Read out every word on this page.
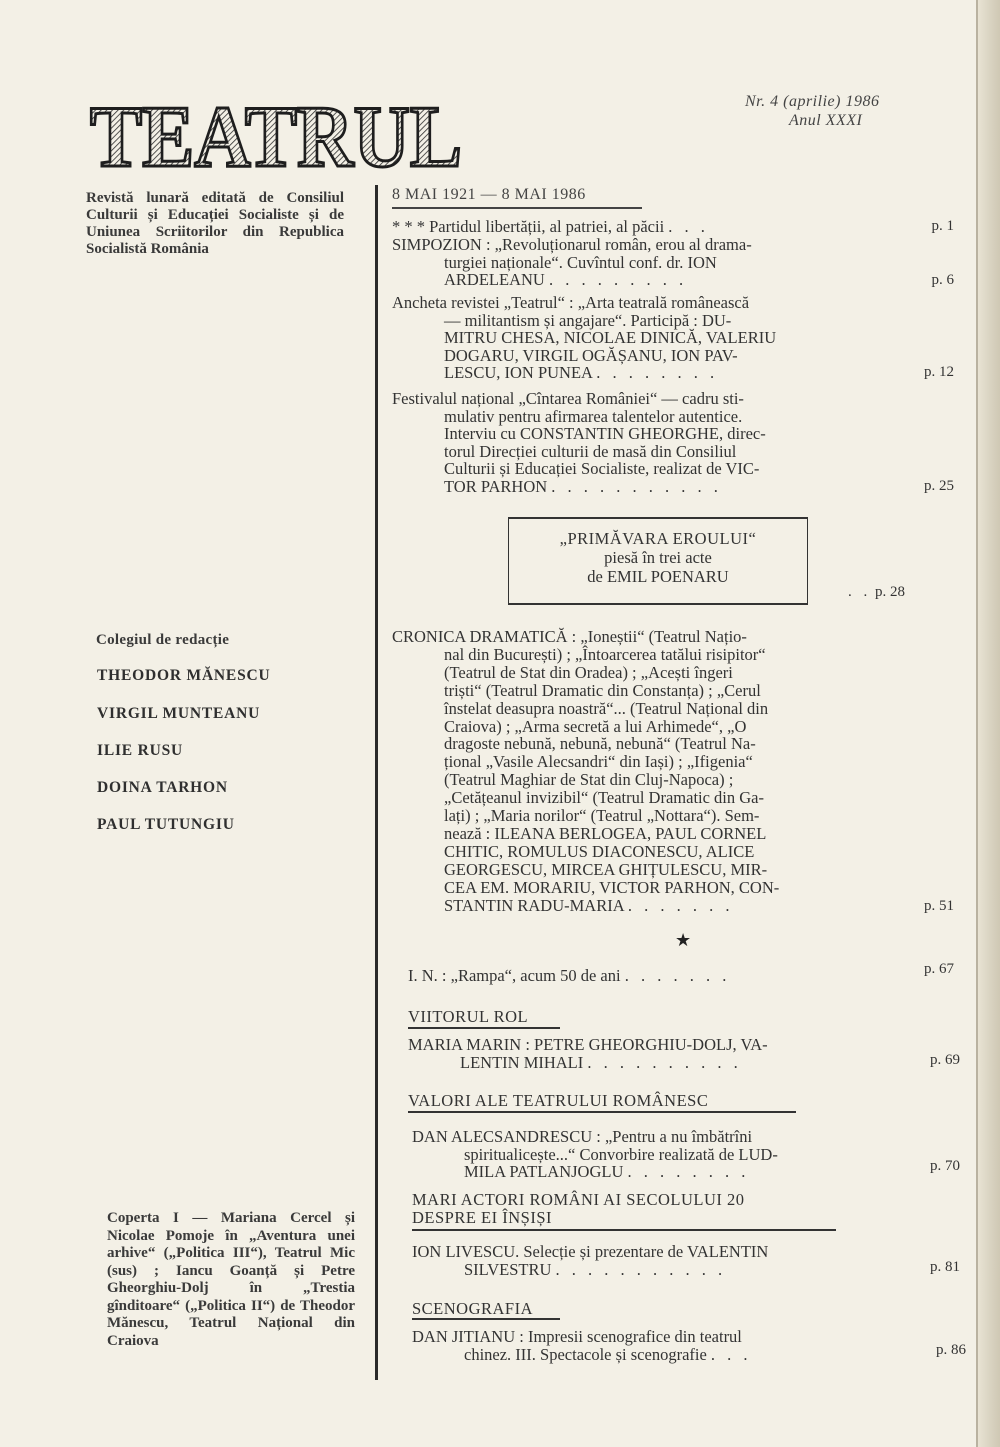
TEATRUL	Nr. 4 (aprilie) 1986
Anul XXXI
Revistă lunară editată de Consiliul Culturii și Educației Socialiste și de Uniunea Scriitorilor din Republica Socialistă România
Colegiul de redacție
THEODOR MĂNESCU
VIRGIL MUNTEANU
ILIE RUSU
DOINA TARHON
PAUL TUTUNGIU
Coperta I — Mariana Cercel și Nicolae Pomoje în „Aventura unei arhive“ („Politica III“), Teatrul Mic (sus) ; Iancu Goanță și Petre Gheorghiu-Dolj în „Trestia gînditoare“ („Politica II“) de Theodor Mănescu, Teatrul Național din Craiova
8 MAI 1921 — 8 MAI 1986
* * * Partidul libertății, al patriei, al păcii . . .	p. 1
SIMPOZION : „Revoluționarul român, erou al drama-
turgiei naționale“. Cuvîntul conf. dr. ION
ARDELEANU . . . . . . . . .	p. 6
Ancheta revistei „Teatrul“ : „Arta teatrală românească
— militantism și angajare“. Participă : DU-
MITRU CHESA, NICOLAE DINICĂ, VALERIU
DOGARU, VIRGIL OGĂȘANU, ION PAV-
LESCU, ION PUNEA . . . . . . . .	p. 12
Festivalul național „Cîntarea României“ — cadru sti-
mulativ pentru afirmarea talentelor autentice.
Interviu cu CONSTANTIN GHEORGHE, direc-
torul Direcției culturii de masă din Consiliul
Culturii și Educației Socialiste, realizat de VIC-
TOR PARHON . . . . . . . . . . .	p. 25
„PRIMĂVARA EROULUI“
piesă în trei acte
de EMIL POENARU
. . p. 28
CRONICA DRAMATICĂ : „Ioneștii“ (Teatrul Națio-
nal din București) ; „Întoarcerea tatălui risipitor“
(Teatrul de Stat din Oradea) ; „Acești îngeri
triști“ (Teatrul Dramatic din Constanța) ; „Cerul
înstelat deasupra noastră“... (Teatrul Național din
Craiova) ; „Arma secretă a lui Arhimede“, „O
dragoste nebună, nebună, nebună“ (Teatrul Na-
țional „Vasile Alecsandri“ din Iași) ; „Ifigenia“
(Teatrul Maghiar de Stat din Cluj-Napoca) ;
„Cetățeanul invizibil“ (Teatrul Dramatic din Ga-
lați) ; „Maria norilor“ (Teatrul „Nottara“). Sem-
nează : ILEANA BERLOGEA, PAUL CORNEL
CHITIC, ROMULUS DIACONESCU, ALICE
GEORGESCU, MIRCEA GHIȚULESCU, MIR-
CEA EM. MORARIU, VICTOR PARHON, CON-
STANTIN RADU-MARIA . . . . . . .	p. 51
★
I. N. : „Rampa“, acum 50 de ani . . . . . . .	p. 67
VIITORUL ROL
MARIA MARIN : PETRE GHEORGHIU-DOLJ, VA-
LENTIN MIHALI . . . . . . . . . .	p. 69
VALORI ALE TEATRULUI ROMÂNESC
DAN ALECSANDRESCU : „Pentru a nu îmbătrîni
spiritualicește...“ Convorbire realizată de LUD-
MILA PATLANJOGLU . . . . . . . .	p. 70
MARI ACTORI ROMÂNI AI SECOLULUI 20
DESPRE EI ÎNȘIȘI
ION LIVESCU. Selecție și prezentare de VALENTIN
SILVESTRU . . . . . . . . . . .	p. 81
SCENOGRAFIA
DAN JITIANU : Impresii scenografice din teatrul
chinez. III. Spectacole și scenografie . . .	p. 86
